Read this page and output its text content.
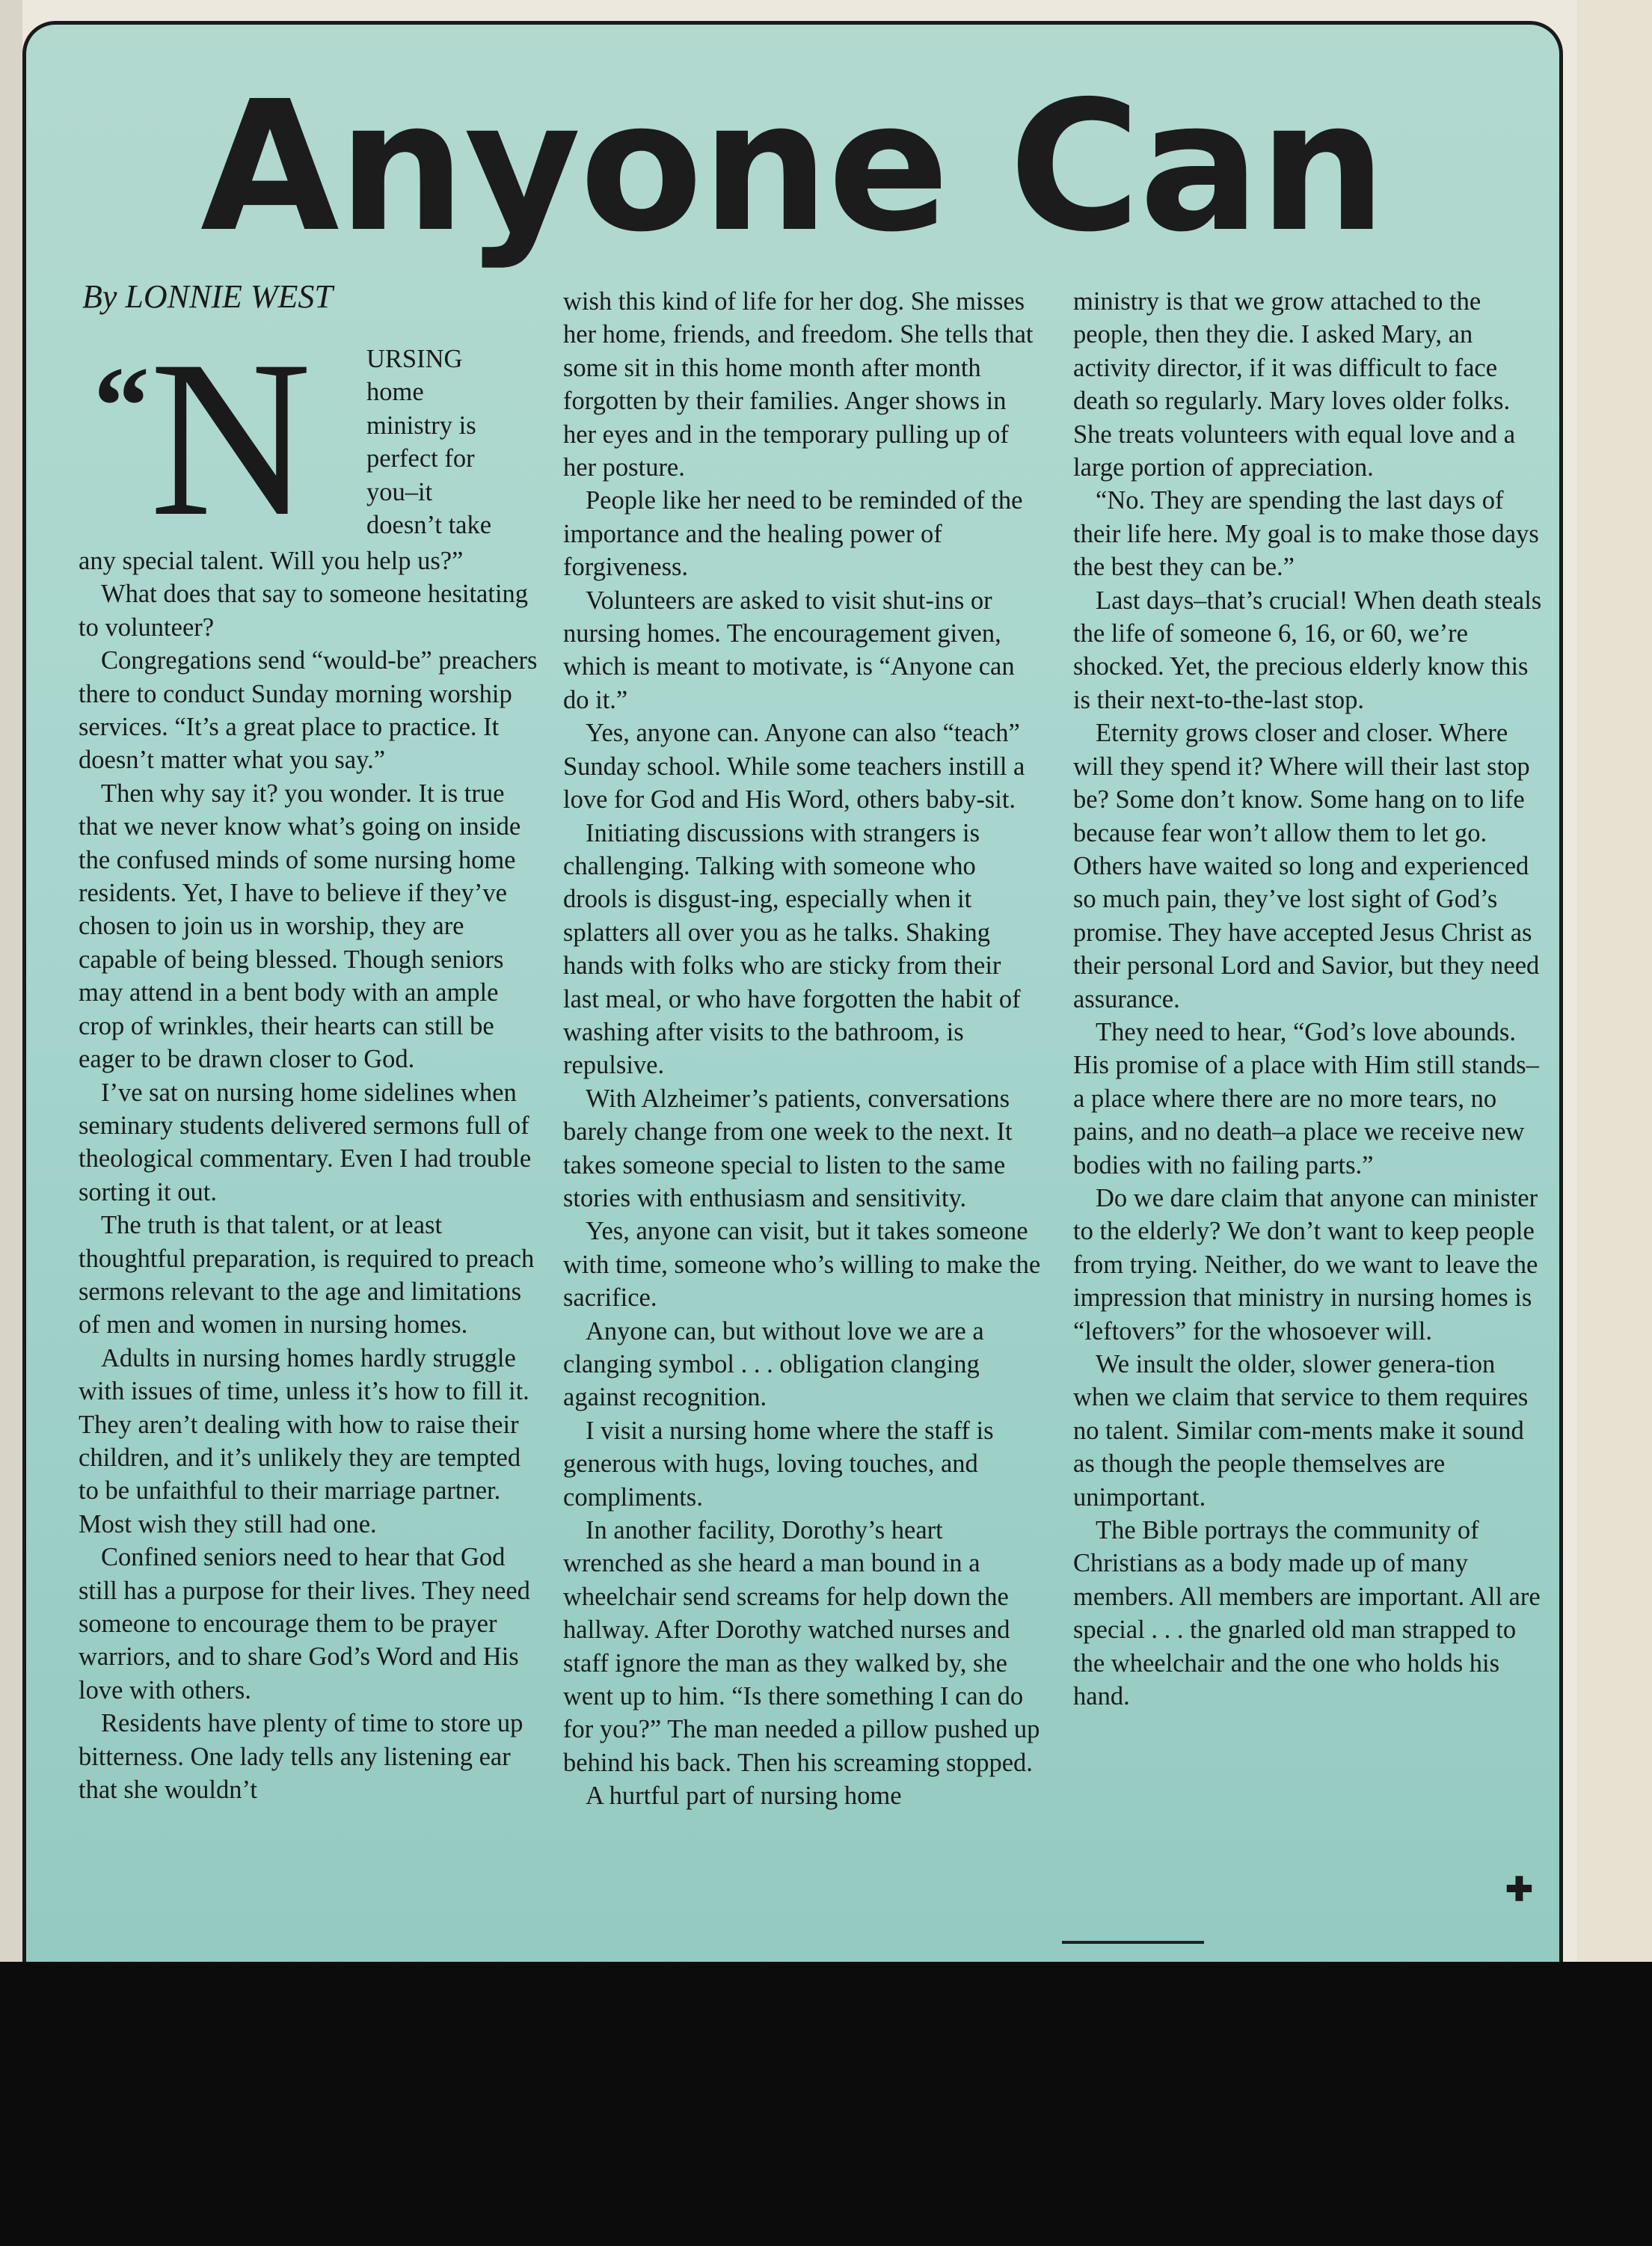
Anyone Can
By LONNIE WEST
“ N URSING
home
ministry is
perfect for
you–it
doesn’t take

any special talent. Will you help us?”

What does that say to someone hesitating to volunteer?

Congregations send “would-be” preachers there to conduct Sunday morning worship services. “It’s a great place to practice. It doesn’t matter what you say.”

Then why say it? you wonder. It is true that we never know what’s going on inside the confused minds of some nursing home residents. Yet, I have to believe if they’ve chosen to join us in worship, they are capable of being blessed. Though seniors may attend in a bent body with an ample crop of wrinkles, their hearts can still be eager to be drawn closer to God.

I’ve sat on nursing home sidelines when seminary students delivered sermons full of theological commentary. Even I had trouble sorting it out.

The truth is that talent, or at least thoughtful preparation, is required to preach sermons relevant to the age and limitations of men and women in nursing homes.

Adults in nursing homes hardly struggle with issues of time, unless it’s how to fill it. They aren’t dealing with how to raise their children, and it’s unlikely they are tempted to be unfaithful to their marriage partner. Most wish they still had one.

Confined seniors need to hear that God still has a purpose for their lives. They need someone to encourage them to be prayer warriors, and to share God’s Word and His love with others.

Residents have plenty of time to store up bitterness. One lady tells any listening ear that she wouldn’t

wish this kind of life for her dog. She misses her home, friends, and freedom. She tells that some sit in this home month after month forgotten by their families. Anger shows in her eyes and in the temporary pulling up of her posture.

People like her need to be reminded of the importance and the healing power of forgiveness.

Volunteers are asked to visit shut-ins or nursing homes. The encouragement given, which is meant to motivate, is “Anyone can do it.”

Yes, anyone can. Anyone can also “teach” Sunday school. While some teachers instill a love for God and His Word, others baby-sit.

Initiating discussions with strangers is challenging. Talking with someone who drools is disgust-ing, especially when it splatters all over you as he talks. Shaking hands with folks who are sticky from their last meal, or who have forgotten the habit of washing after visits to the bathroom, is repulsive.

With Alzheimer’s patients, conversations barely change from one week to the next. It takes someone special to listen to the same stories with enthusiasm and sensitivity.

Yes, anyone can visit, but it takes someone with time, someone who’s willing to make the sacrifice.

Anyone can, but without love we are a clanging symbol . . . obligation clanging against recognition.

I visit a nursing home where the staff is generous with hugs, loving touches, and compliments.

In another facility, Dorothy’s heart wrenched as she heard a man bound in a wheelchair send screams for help down the hallway. After Dorothy watched nurses and staff ignore the man as they walked by, she went up to him. “Is there something I can do for you?” The man needed a pillow pushed up behind his back. Then his screaming stopped.

A hurtful part of nursing home

ministry is that we grow attached to the people, then they die. I asked Mary, an activity director, if it was difficult to face death so regularly. Mary loves older folks. She treats volunteers with equal love and a large portion of appreciation.

“No. They are spending the last days of their life here. My goal is to make those days the best they can be.”

Last days–that’s crucial! When death steals the life of someone 6, 16, or 60, we’re shocked. Yet, the precious elderly know this is their next-to-the-last stop.

Eternity grows closer and closer. Where will they spend it? Where will their last stop be? Some don’t know. Some hang on to life because fear won’t allow them to let go. Others have waited so long and experienced so much pain, they’ve lost sight of God’s promise. They have accepted Jesus Christ as their personal Lord and Savior, but they need assurance.

They need to hear, “God’s love abounds. His promise of a place with Him still stands–a place where there are no more tears, no pains, and no death–a place we receive new bodies with no failing parts.”

Do we dare claim that anyone can minister to the elderly? We don’t want to keep people from trying. Neither, do we want to leave the impression that ministry in nursing homes is “leftovers” for the whosoever will.

We insult the older, slower genera-tion when we claim that service to them requires no talent. Similar com-ments make it sound as though the people themselves are unimportant.

The Bible portrays the community of Christians as a body made up of many members. All members are important. All are special . . . the gnarled old man strapped to the wheelchair and the one who holds his hand.

✚
